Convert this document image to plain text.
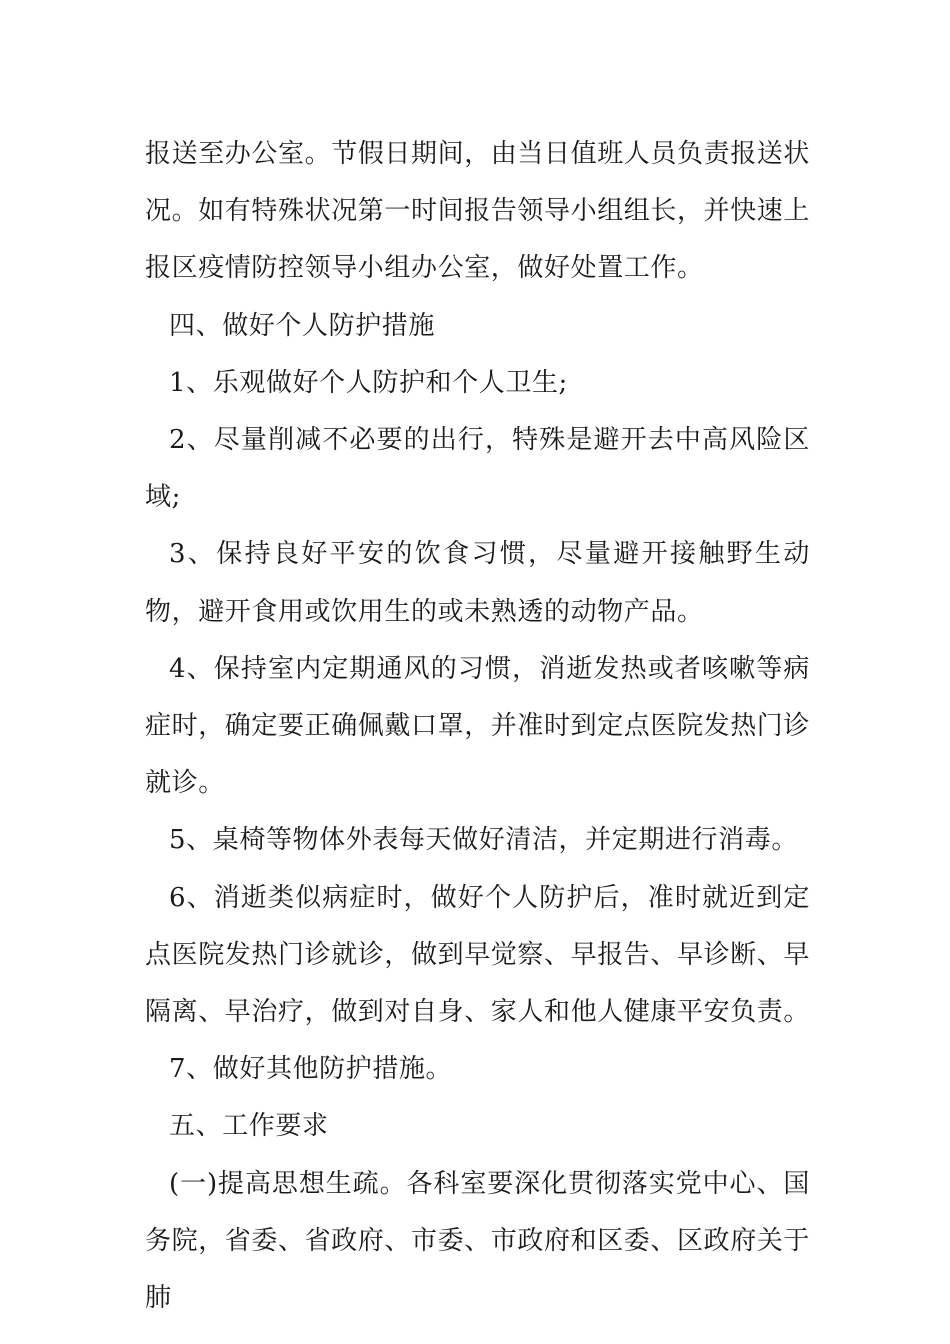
报送至办公室。节假日期间，由当日值班人员负责报送状况。如有特殊状况第一时间报告领导小组组长，并快速上报区疫情防控领导小组办公室，做好处置工作。

四、做好个人防护措施

1、乐观做好个人防护和个人卫生;

2、尽量削减不必要的出行，特殊是避开去中高风险区域;

3、保持良好平安的饮食习惯，尽量避开接触野生动物，避开食用或饮用生的或未熟透的动物产品。

4、保持室内定期通风的习惯，消逝发热或者咳嗽等病症时，确定要正确佩戴口罩，并准时到定点医院发热门诊就诊。

5、桌椅等物体外表每天做好清洁，并定期进行消毒。

6、消逝类似病症时，做好个人防护后，准时就近到定点医院发热门诊就诊，做到早觉察、早报告、早诊断、早隔离、早治疗，做到对自身、家人和他人健康平安负责。

7、做好其他防护措施。

五、工作要求

(一)提高思想生疏。各科室要深化贯彻落实党中心、国务院，省委、省政府、市委、市政府和区委、区政府关于肺
